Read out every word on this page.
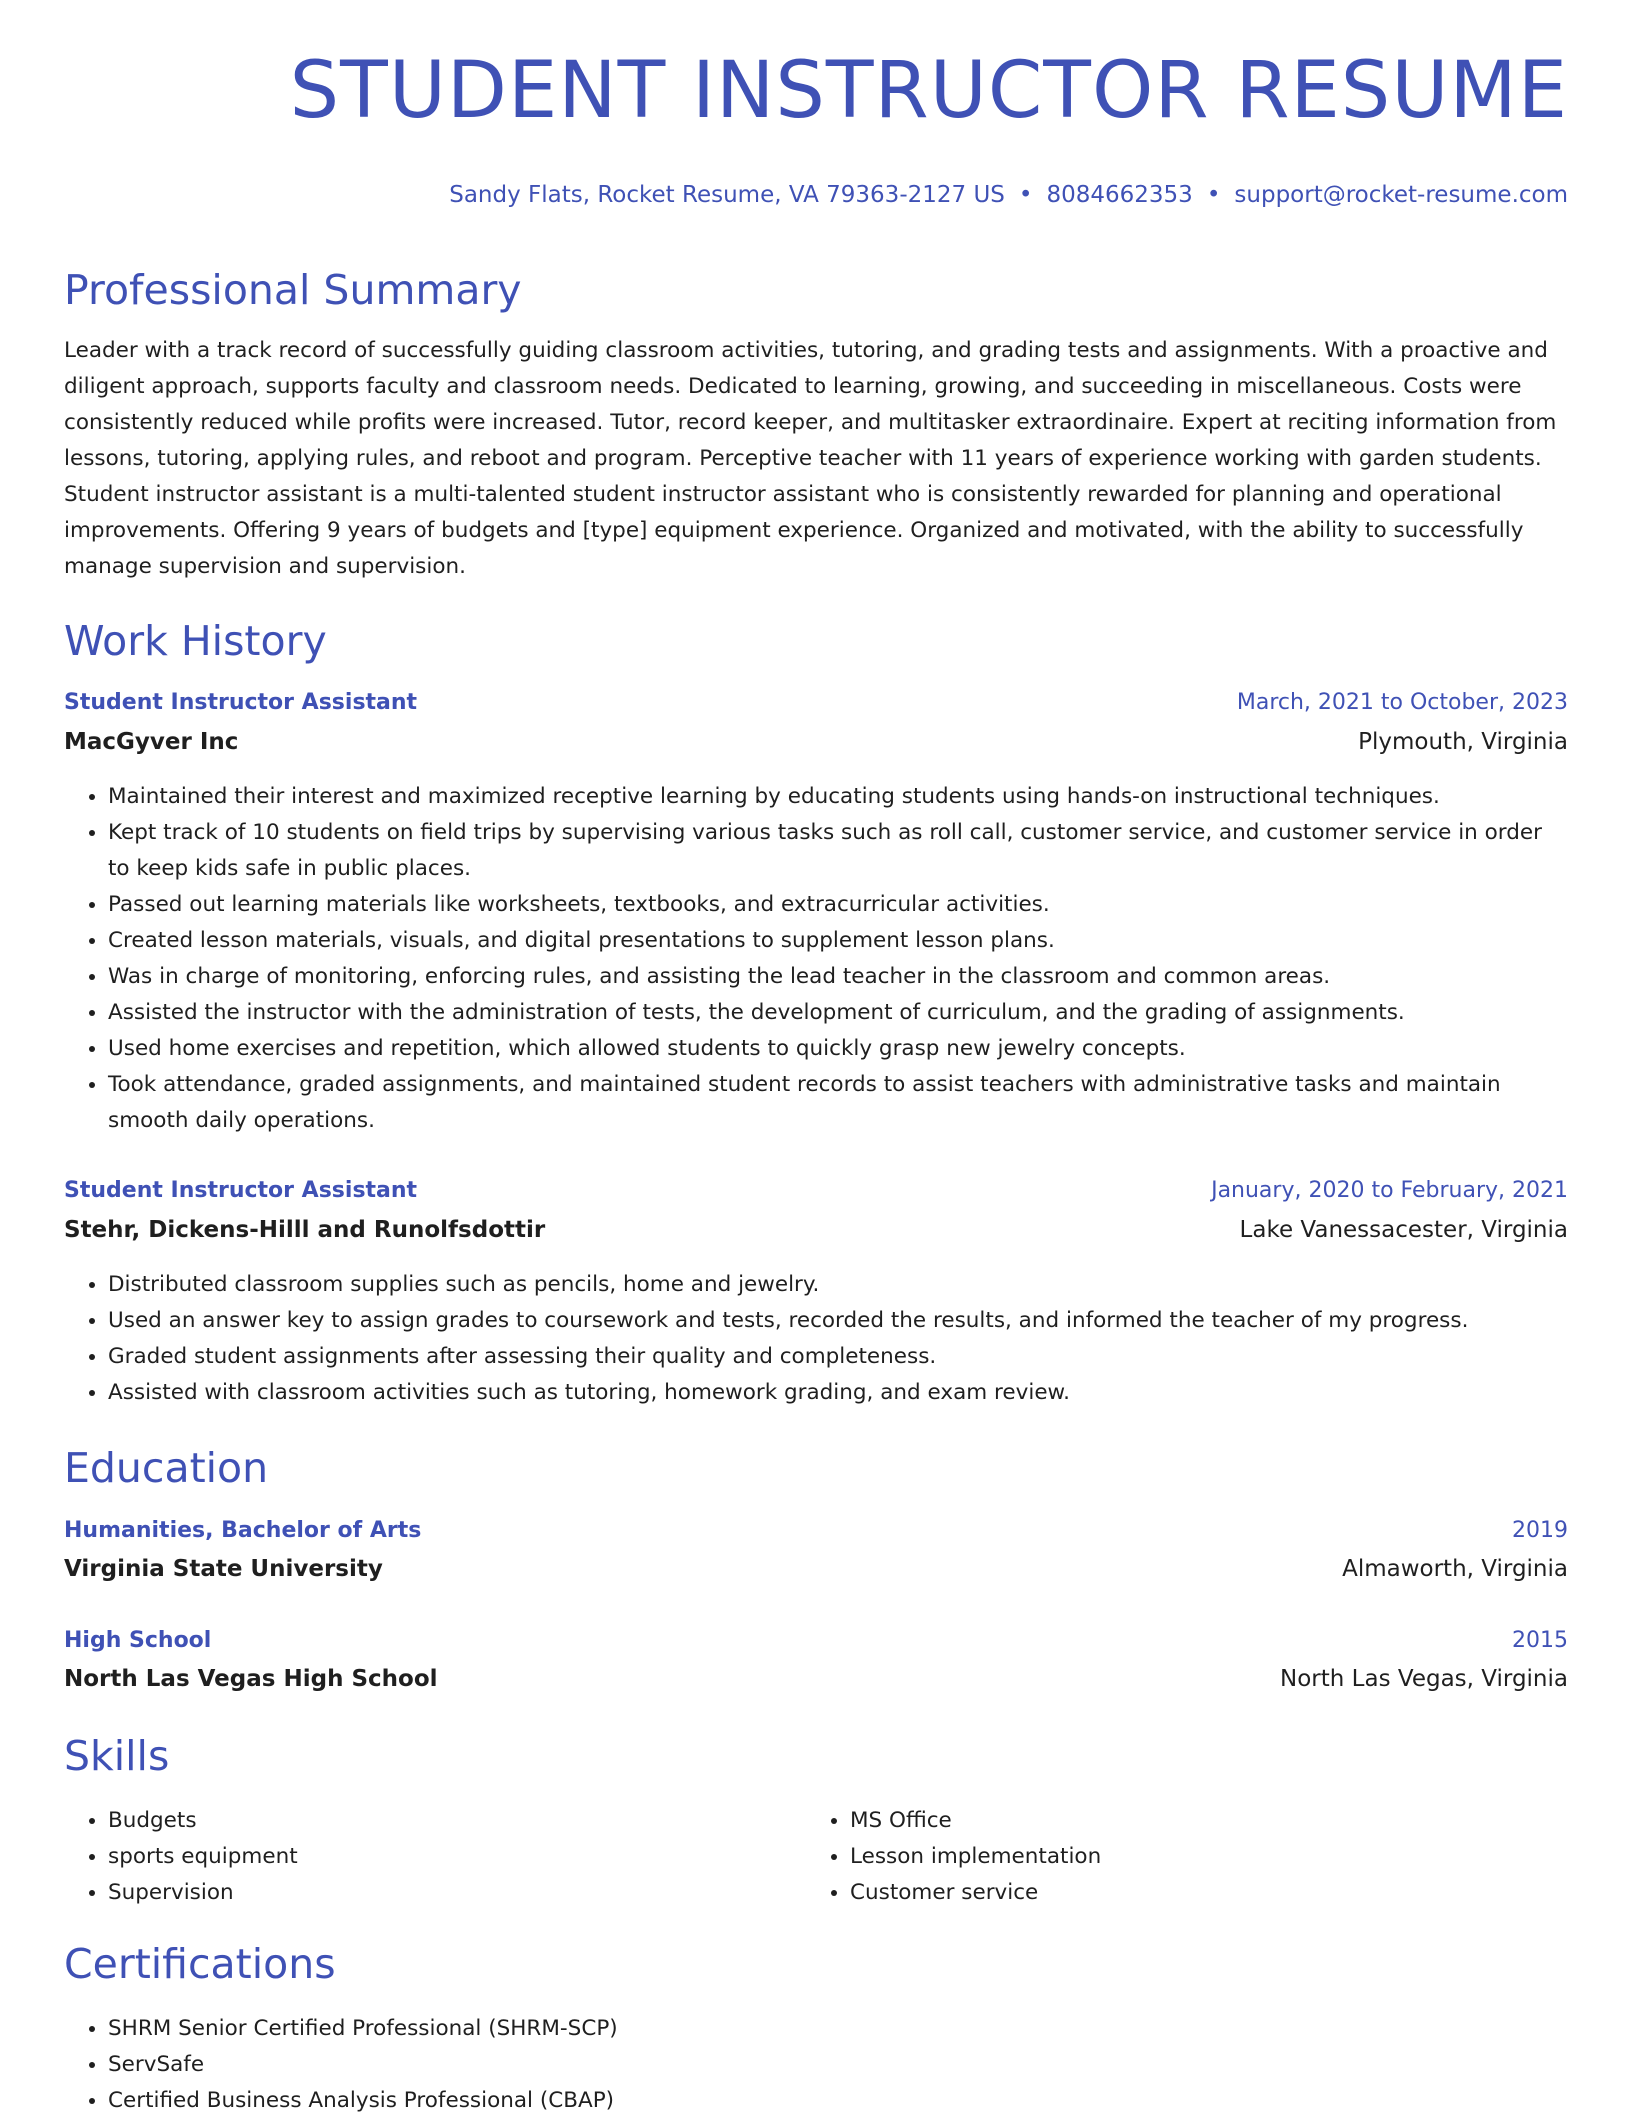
STUDENT INSTRUCTOR RESUME
Sandy Flats, Rocket Resume, VA 79363-2127 US • 8084662353 • support@rocket-resume.com
Professional Summary

Leader with a track record of successfully guiding classroom activities, tutoring, and grading tests and assignments. With a proactive and diligent approach, supports faculty and classroom needs. Dedicated to learning, growing, and succeeding in miscellaneous. Costs were consistently reduced while profits were increased. Tutor, record keeper, and multitasker extraordinaire. Expert at reciting information from lessons, tutoring, applying rules, and reboot and program. Perceptive teacher with 11 years of experience working with garden students. Student instructor assistant is a multi-talented student instructor assistant who is consistently rewarded for planning and operational improvements. Offering 9 years of budgets and [type] equipment experience. Organized and motivated, with the ability to successfully manage supervision and supervision.

Work History
Student Instructor Assistant	March, 2021 to October, 2023
MacGyver Inc	Plymouth, Virginia
• Maintained their interest and maximized receptive learning by educating students using hands-on instructional techniques.
• Kept track of 10 students on field trips by supervising various tasks such as roll call, customer service, and customer service in order to keep kids safe in public places.
• Passed out learning materials like worksheets, textbooks, and extracurricular activities.
• Created lesson materials, visuals, and digital presentations to supplement lesson plans.
• Was in charge of monitoring, enforcing rules, and assisting the lead teacher in the classroom and common areas.
• Assisted the instructor with the administration of tests, the development of curriculum, and the grading of assignments.
• Used home exercises and repetition, which allowed students to quickly grasp new jewelry concepts.
• Took attendance, graded assignments, and maintained student records to assist teachers with administrative tasks and maintain smooth daily operations.
Student Instructor Assistant	January, 2020 to February, 2021
Stehr, Dickens-Hilll and Runolfsdottir	Lake Vanessacester, Virginia
• Distributed classroom supplies such as pencils, home and jewelry.
• Used an answer key to assign grades to coursework and tests, recorded the results, and informed the teacher of my progress.
• Graded student assignments after assessing their quality and completeness.
• Assisted with classroom activities such as tutoring, homework grading, and exam review.
Education
Humanities, Bachelor of Arts	2019
Virginia State University	Almaworth, Virginia
High School	2015
North Las Vegas High School	North Las Vegas, Virginia
Skills
• Budgets
• sports equipment
• Supervision
• MS Office
• Lesson implementation
• Customer service
Certifications
• SHRM Senior Certified Professional (SHRM-SCP)
• ServSafe
• Certified Business Analysis Professional (CBAP)
